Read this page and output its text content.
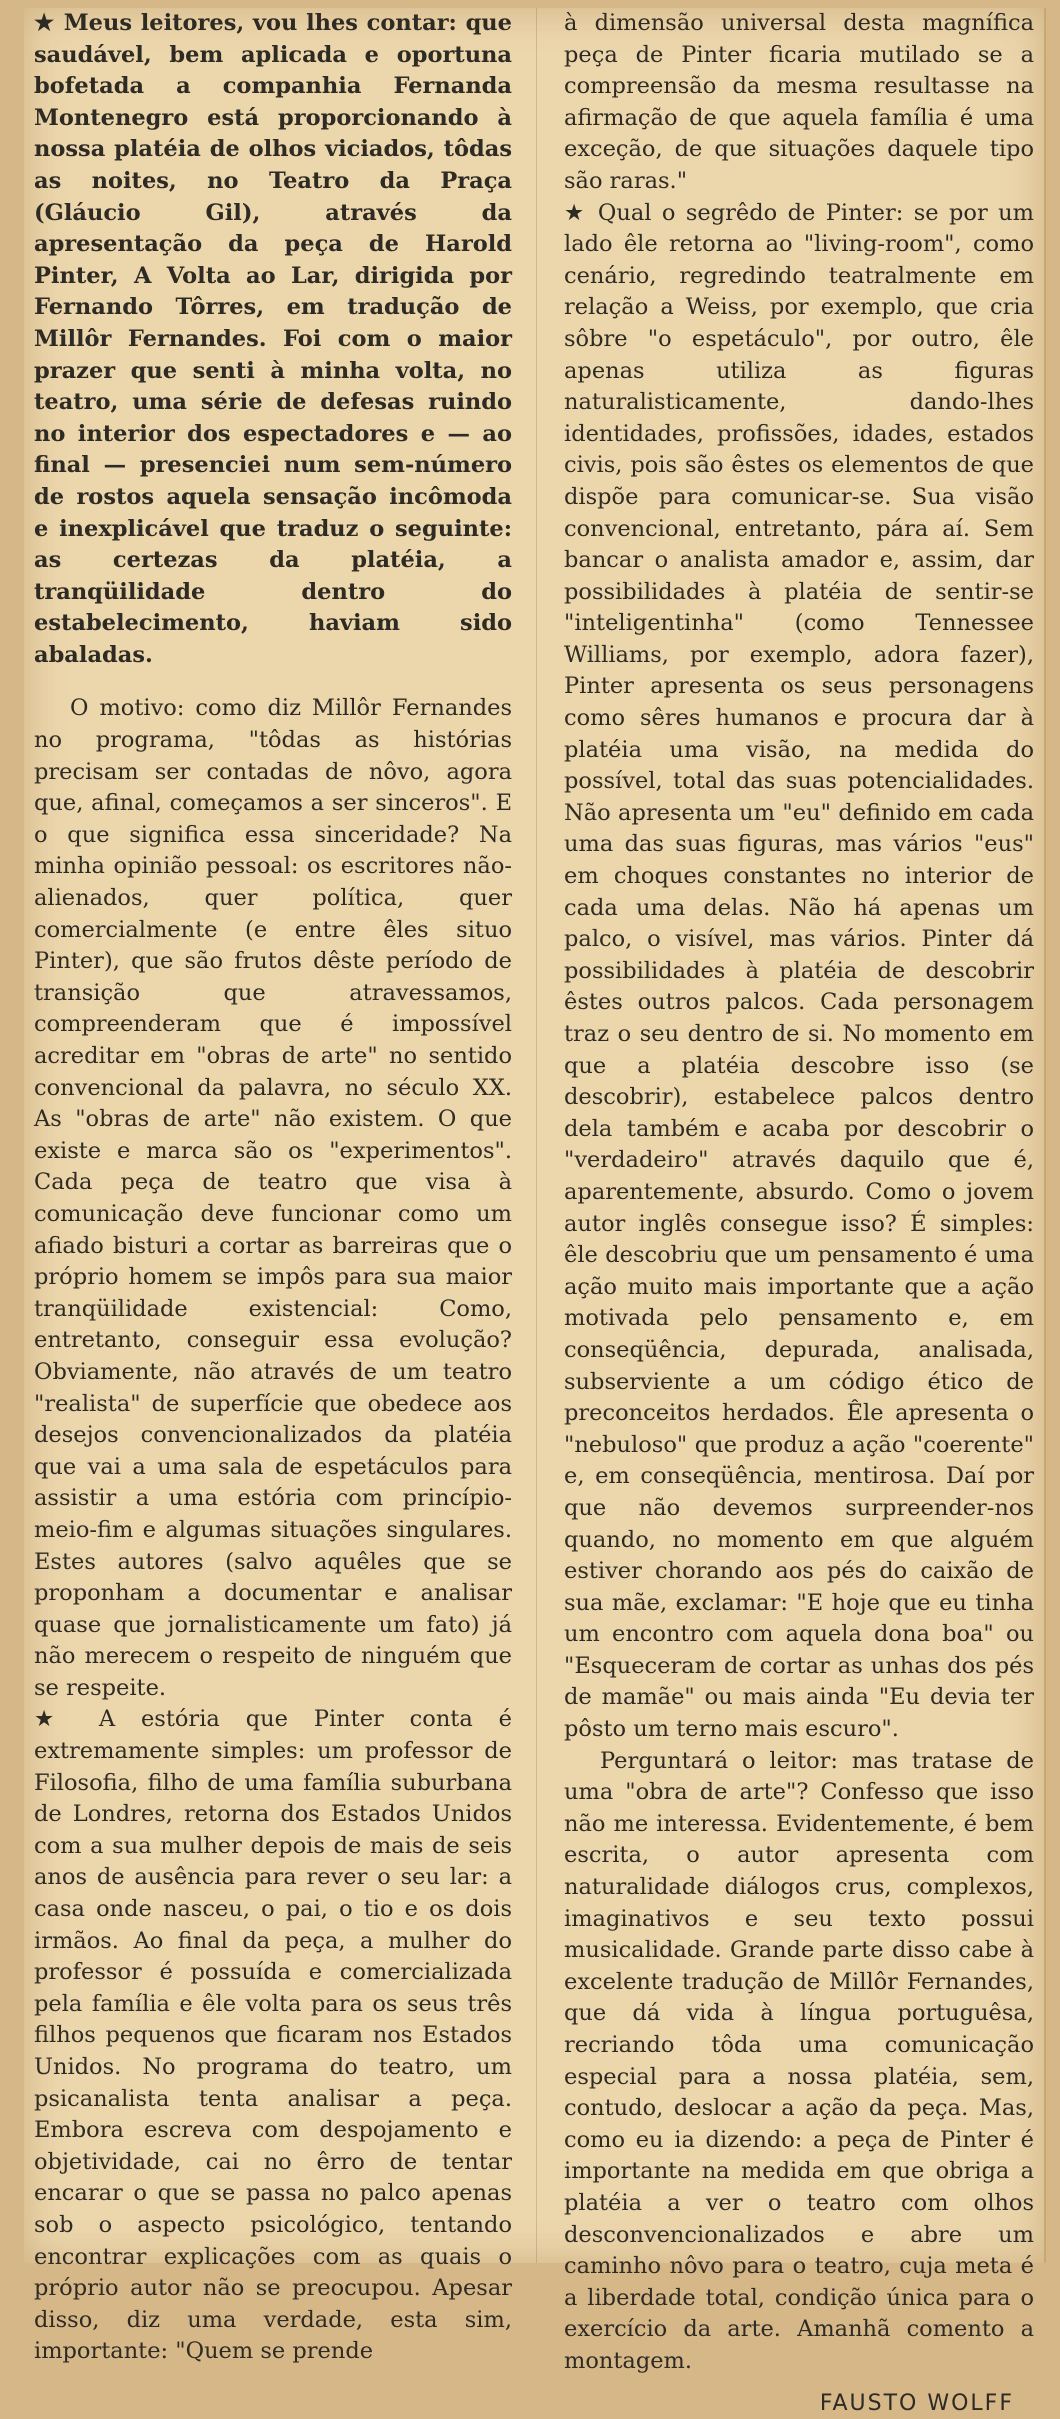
★ Meus leitores, vou lhes contar: que saudável, bem aplicada e oportuna bofetada a companhia Fernanda Montenegro está proporcionando à nossa platéia de olhos viciados, tôdas as noites, no Teatro da Praça (Gláucio Gil), através da apresentação da peça de Harold Pinter, A Volta ao Lar, dirigida por Fernando Tôrres, em tradução de Millôr Fernandes. Foi com o maior prazer que senti à minha volta, no teatro, uma série de defesas ruindo no interior dos espectadores e — ao final — presenciei num sem-número de rostos aquela sensação incômoda e inexplicável que traduz o seguinte: as certezas da platéia, a tranqüilidade dentro do estabelecimento, haviam sido abaladas.

O motivo: como diz Millôr Fernandes no programa, "tôdas as histórias precisam ser contadas de nôvo, agora que, afinal, começamos a ser sinceros". E o que significa essa sinceridade? Na minha opinião pessoal: os escritores não-alienados, quer política, quer comercialmente (e entre êles situo Pinter), que são frutos dêste período de transição que atravessamos, compreenderam que é impossível acreditar em "obras de arte" no sentido convencional da palavra, no século XX. As "obras de arte" não existem. O que existe e marca são os "experimentos". Cada peça de teatro que visa à comunicação deve funcionar como um afiado bisturi a cortar as barreiras que o próprio homem se impôs para sua maior tranqüilidade existencial: Como, entretanto, conseguir essa evolução? Obviamente, não através de um teatro "realista" de superfície que obedece aos desejos convencionalizados da platéia que vai a uma sala de espetáculos para assistir a uma estória com princípio-meio-fim e algumas situações singulares. Estes autores (salvo aquêles que se proponham a documentar e analisar quase que jornalisticamente um fato) já não merecem o respeito de ninguém que se respeite.

★ A estória que Pinter conta é extremamente simples: um professor de Filosofia, filho de uma família suburbana de Londres, retorna dos Estados Unidos com a sua mulher depois de mais de seis anos de ausência para rever o seu lar: a casa onde nasceu, o pai, o tio e os dois irmãos. Ao final da peça, a mulher do professor é possuída e comercializada pela família e êle volta para os seus três filhos pequenos que ficaram nos Estados Unidos. No programa do teatro, um psicanalista tenta analisar a peça. Embora escreva com despojamento e objetividade, cai no êrro de tentar encarar o que se passa no palco apenas sob o aspecto psicológico, tentando encontrar explicações com as quais o próprio autor não se preocupou. Apesar disso, diz uma verdade, esta sim, importante: "Quem se prende

à dimensão universal desta magnífica peça de Pinter ficaria mutilado se a compreensão da mesma resultasse na afirmação de que aquela família é uma exceção, de que situações daquele tipo são raras."

★ Qual o segrêdo de Pinter: se por um lado êle retorna ao "living-room", como cenário, regredindo teatralmente em relação a Weiss, por exemplo, que cria sôbre "o espetáculo", por outro, êle apenas utiliza as figuras naturalisticamente, dando-lhes identidades, profissões, idades, estados civis, pois são êstes os elementos de que dispõe para comunicar-se. Sua visão convencional, entretanto, pára aí. Sem bancar o analista amador e, assim, dar possibilidades à platéia de sentir-se "inteligentinha" (como Tennessee Williams, por exemplo, adora fazer), Pinter apresenta os seus personagens como sêres humanos e procura dar à platéia uma visão, na medida do possível, total das suas potencialidades. Não apresenta um "eu" definido em cada uma das suas figuras, mas vários "eus" em choques constantes no interior de cada uma delas. Não há apenas um palco, o visível, mas vários. Pinter dá possibilidades à platéia de descobrir êstes outros palcos. Cada personagem traz o seu dentro de si. No momento em que a platéia descobre isso (se descobrir), estabelece palcos dentro dela também e acaba por descobrir o "verdadeiro" através daquilo que é, aparentemente, absurdo. Como o jovem autor inglês consegue isso? É simples: êle descobriu que um pensamento é uma ação muito mais importante que a ação motivada pelo pensamento e, em conseqüência, depurada, analisada, subserviente a um código ético de preconceitos herdados. Êle apresenta o "nebuloso" que produz a ação "coerente" e, em conseqüência, mentirosa. Daí por que não devemos surpreender-nos quando, no momento em que alguém estiver chorando aos pés do caixão de sua mãe, exclamar: "E hoje que eu tinha um encontro com aquela dona boa" ou "Esqueceram de cortar as unhas dos pés de mamãe" ou mais ainda "Eu devia ter pôsto um terno mais escuro".

Perguntará o leitor: mas tratase de uma "obra de arte"? Confesso que isso não me interessa. Evidentemente, é bem escrita, o autor apresenta com naturalidade diálogos crus, complexos, imaginativos e seu texto possui musicalidade. Grande parte disso cabe à excelente tradução de Millôr Fernandes, que dá vida à língua portuguêsa, recriando tôda uma comunicação especial para a nossa platéia, sem, contudo, deslocar a ação da peça. Mas, como eu ia dizendo: a peça de Pinter é importante na medida em que obriga a platéia a ver o teatro com olhos desconvencionalizados e abre um caminho nôvo para o teatro, cuja meta é a liberdade total, condição única para o exercício da arte. Amanhã comento a montagem.

FAUSTO WOLFF
